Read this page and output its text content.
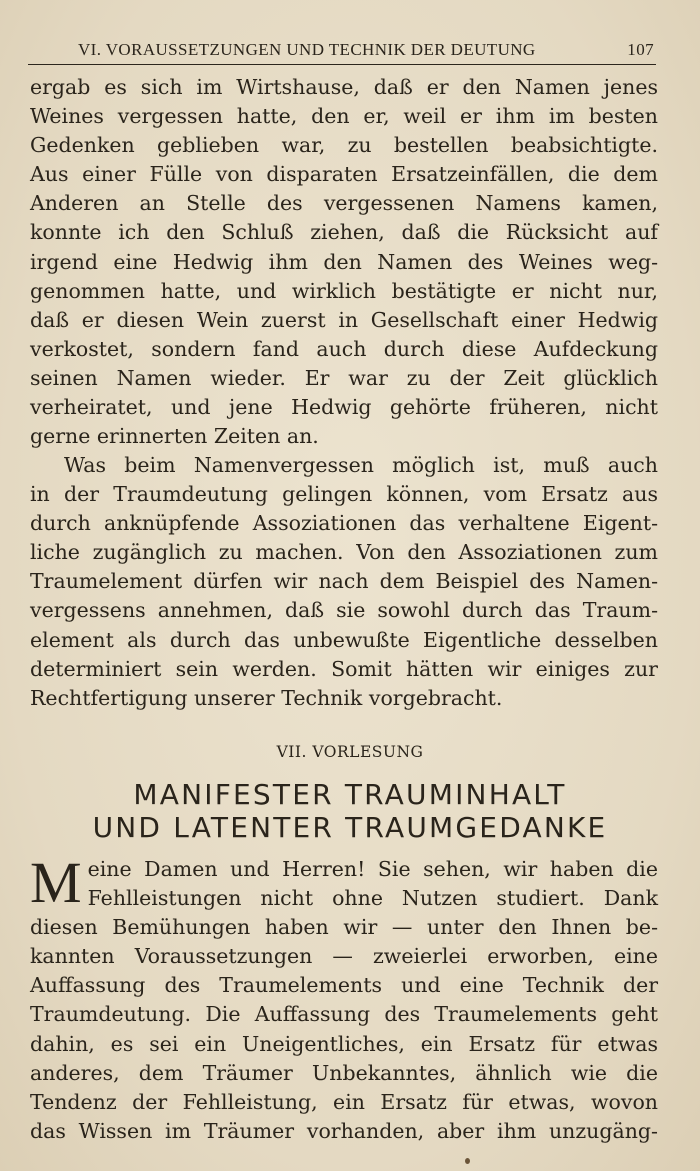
VI. VORAUSSETZUNGEN UND TECHNIK DER DEUTUNG	107
ergab es sich im Wirtshause, daß er den Namen jenes
Weines vergessen hatte, den er, weil er ihm im besten
Gedenken geblieben war, zu bestellen beabsichtigte.
Aus einer Fülle von disparaten Ersatzeinfällen, die dem
Anderen an Stelle des vergessenen Namens kamen,
konnte ich den Schluß ziehen, daß die Rücksicht auf
irgend eine Hedwig ihm den Namen des Weines weg-
genommen hatte, und wirklich bestätigte er nicht nur,
daß er diesen Wein zuerst in Gesellschaft einer Hedwig
verkostet, sondern fand auch durch diese Aufdeckung
seinen Namen wieder. Er war zu der Zeit glücklich
verheiratet, und jene Hedwig gehörte früheren, nicht
gerne erinnerten Zeiten an.
Was beim Namenvergessen möglich ist, muß auch
in der Traumdeutung gelingen können, vom Ersatz aus
durch anknüpfende Assoziationen das verhaltene Eigent-
liche zugänglich zu machen. Von den Assoziationen zum
Traumelement dürfen wir nach dem Beispiel des Namen-
vergessens annehmen, daß sie sowohl durch das Traum-
element als durch das unbewußte Eigentliche desselben
determiniert sein werden. Somit hätten wir einiges zur
Rechtfertigung unserer Technik vorgebracht.
VII. VORLESUNG
MANIFESTER TRAUMINHALT
UND LATENTER TRAUMGEDANKE
M eine Damen und Herren! Sie sehen, wir haben die
Fehlleistungen nicht ohne Nutzen studiert. Dank
diesen Bemühungen haben wir — unter den Ihnen be-
kannten Voraussetzungen — zweierlei erworben, eine
Auffassung des Traumelements und eine Technik der
Traumdeutung. Die Auffassung des Traumelements geht
dahin, es sei ein Uneigentliches, ein Ersatz für etwas
anderes, dem Träumer Unbekanntes, ähnlich wie die
Tendenz der Fehlleistung, ein Ersatz für etwas, wovon
das Wissen im Träumer vorhanden, aber ihm unzugäng-
